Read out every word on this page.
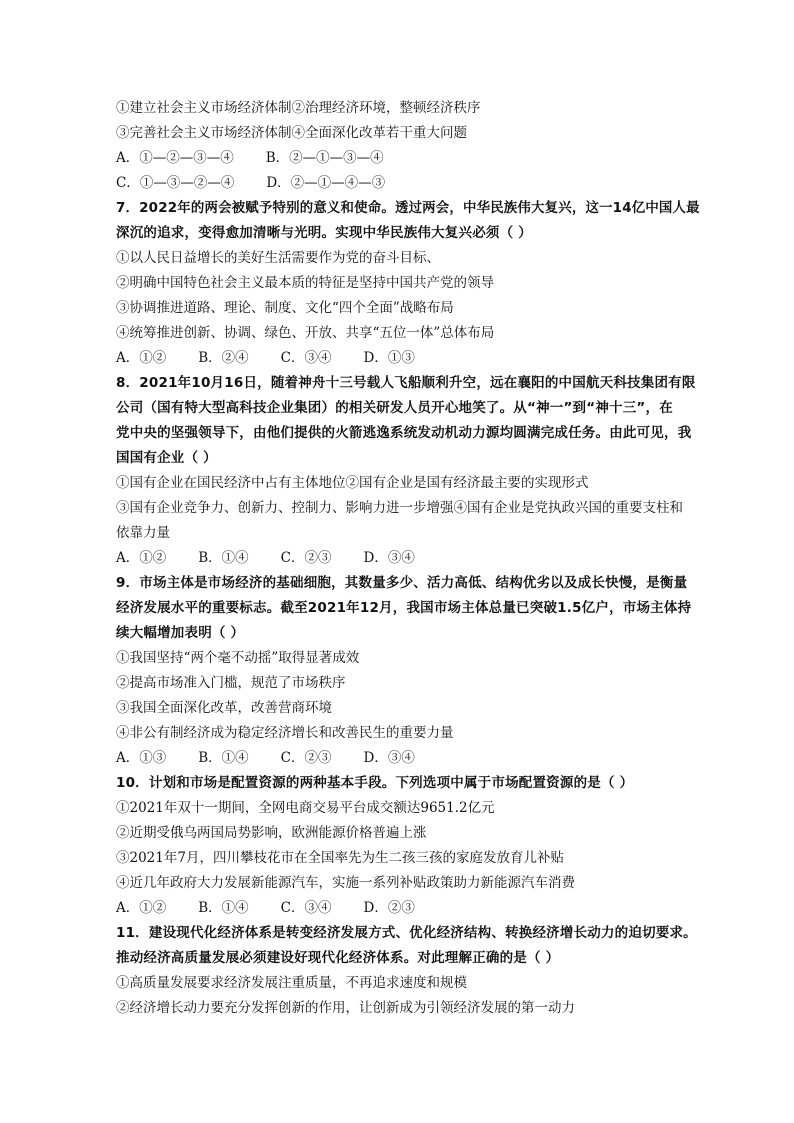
①建立社会主义市场经济体制②治理经济环境，整顿经济秩序
③完善社会主义市场经济体制④全面深化改革若干重大问题
A．①—②—③—④ B．②—①—③—④
C．①—③—②—④ D．②—①—④—③
7．2022年的两会被赋予特别的意义和使命。透过两会，中华民族伟大复兴，这一14亿中国人最
深沉的追求，变得愈加清晰与光明。实现中华民族伟大复兴必须（ ）
①以人民日益增长的美好生活需要作为党的奋斗目标、
②明确中国特色社会主义最本质的特征是坚持中国共产党的领导
③协调推进道路、理论、制度、文化“四个全面”战略布局
④统筹推进创新、协调、绿色、开放、共享“五位一体”总体布局
A．①② B．②④ C．③④ D．①③
8．2021年10月16日，随着神舟十三号载人飞船顺利升空，远在襄阳的中国航天科技集团有限
公司（国有特大型高科技企业集团）的相关研发人员开心地笑了。从“神一”到“神十三”，在
党中央的坚强领导下，由他们提供的火箭逃逸系统发动机动力源均圆满完成任务。由此可见，我
国国有企业（ ）
①国有企业在国民经济中占有主体地位②国有企业是国有经济最主要的实现形式
③国有企业竞争力、创新力、控制力、影响力进一步增强④国有企业是党执政兴国的重要支柱和
依靠力量
A．①② B．①④ C．②③ D．③④
9．市场主体是市场经济的基础细胞，其数量多少、活力高低、结构优劣以及成长快慢，是衡量
经济发展水平的重要标志。截至2021年12月，我国市场主体总量已突破1.5亿户，市场主体持
续大幅增加表明（ ）
①我国坚持“两个毫不动摇”取得显著成效
②提高市场准入门槛，规范了市场秩序
③我国全面深化改革，改善营商环境
④非公有制经济成为稳定经济增长和改善民生的重要力量
A．①③ B．①④ C．②③ D．③④
10．计划和市场是配置资源的两种基本手段。下列选项中属于市场配置资源的是（ ）
①2021年双十一期间，全网电商交易平台成交额达9651.2亿元
②近期受俄乌两国局势影响，欧洲能源价格普遍上涨
③2021年7月，四川攀枝花市在全国率先为生二孩三孩的家庭发放育儿补贴
④近几年政府大力发展新能源汽车，实施一系列补贴政策助力新能源汽车消费
A．①② B．①④ C．③④ D．②③
11．建设现代化经济体系是转变经济发展方式、优化经济结构、转换经济增长动力的迫切要求。
推动经济高质量发展必须建设好现代化经济体系。对此理解正确的是（ ）
①高质量发展要求经济发展注重质量，不再追求速度和规模
②经济增长动力要充分发挥创新的作用，让创新成为引领经济发展的第一动力
